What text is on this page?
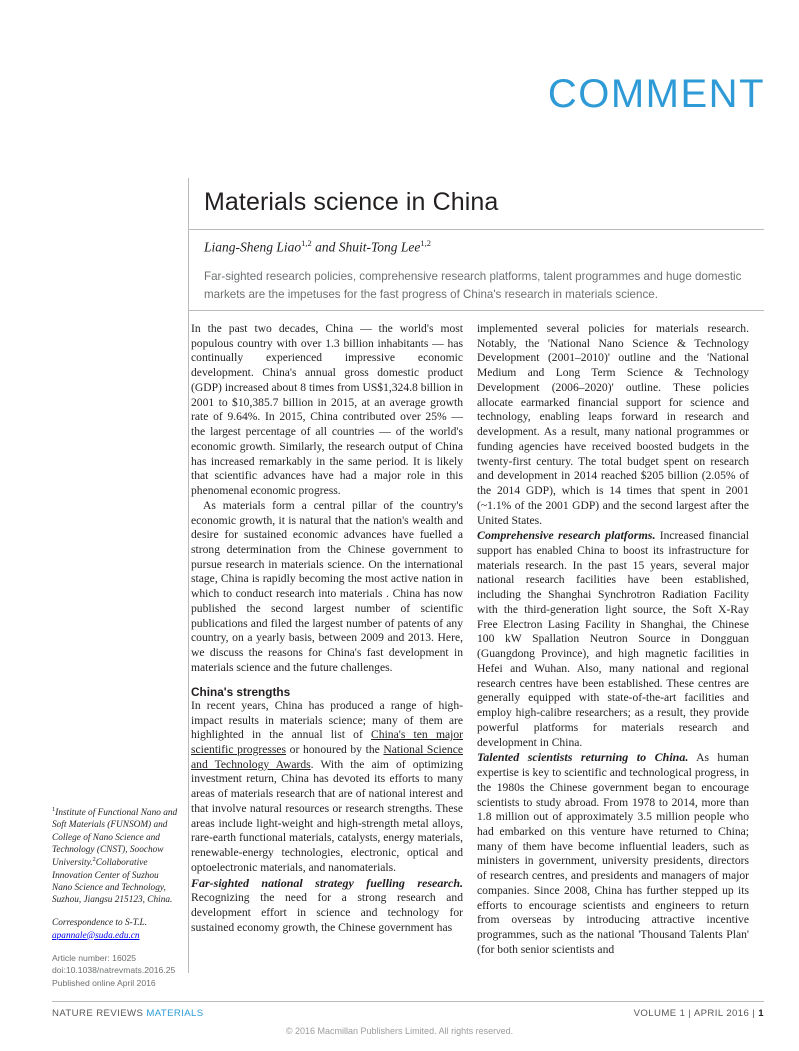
COMMENT
Materials science in China
Liang-Sheng Liao$^{1,2}$ and Shuit-Tong Lee$^{1,2}$
Far-sighted research policies, comprehensive research platforms, talent programmes and huge domestic markets are the impetuses for the fast progress of China's research in materials science.

In the past two decades, China — the world's most populous country with over 1.3 billion inhabitants — has continually experienced impressive economic development. China's annual gross domestic product (GDP) increased about 8 times from US$1,324.8 billion in 2001 to $10,385.7 billion in 2015, at an average growth rate of 9.64%. In 2015, China contributed over 25% — the largest percentage of all countries — of the world's economic growth. Similarly, the research output of China has increased remarkably in the same period. It is likely that scientific advances have had a major role in this phenomenal economic progress.

As materials form a central pillar of the country's economic growth, it is natural that the nation's wealth and desire for sustained economic advances have fuelled a strong determination from the Chinese government to pursue research in materials science. On the international stage, China is rapidly becoming the most active nation in which to conduct research into materials . China has now published the second largest number of scientific publications and filed the largest number of patents of any country, on a yearly basis, between 2009 and 2013. Here, we discuss the reasons for China's fast development in materials science and the future challenges.

China's strengths

In recent years, China has produced a range of high-impact results in materials science; many of them are highlighted in the annual list of China's ten major scientific progresses or honoured by the National Science and Technology Awards. With the aim of optimizing investment return, China has devoted its efforts to many areas of materials research that are of national interest and that involve natural resources or research strengths. These areas include light-weight and high-strength metal alloys, rare-earth functional materials, catalysts, energy materials, renewable-energy technologies, electronic, optical and optoelectronic materials, and nanomaterials.

Far-sighted national strategy fuelling research. Recognizing the need for a strong research and development effort in science and technology for sustained economy growth, the Chinese government has

implemented several policies for materials research. Notably, the 'National Nano Science & Technology Development (2001–2010)' outline and the 'National Medium and Long Term Science & Technology Development (2006–2020)' outline. These policies allocate earmarked financial support for science and technology, enabling leaps forward in research and development. As a result, many national programmes or funding agencies have received boosted budgets in the twenty-first century. The total budget spent on research and development in 2014 reached $205 billion (2.05% of the 2014 GDP), which is 14 times that spent in 2001 (~1.1% of the 2001 GDP) and the second largest after the United States.

Comprehensive research platforms. Increased financial support has enabled China to boost its infrastructure for materials research. In the past 15 years, several major national research facilities have been established, including the Shanghai Synchrotron Radiation Facility with the third-generation light source, the Soft X-Ray Free Electron Lasing Facility in Shanghai, the Chinese 100 kW Spallation Neutron Source in Dongguan (Guangdong Province), and high magnetic facilities in Hefei and Wuhan. Also, many national and regional research centres have been established. These centres are generally equipped with state-of-the-art facilities and employ high-calibre researchers; as a result, they provide powerful platforms for materials research and development in China.

Talented scientists returning to China. As human expertise is key to scientific and technological progress, in the 1980s the Chinese government began to encourage scientists to study abroad. From 1978 to 2014, more than 1.8 million out of approximately 3.5 million people who had embarked on this venture have returned to China; many of them have become influential leaders, such as ministers in government, university presidents, directors of research centres, and presidents and managers of major companies. Since 2008, China has further stepped up its efforts to encourage scientists and engineers to return from overseas by introducing attractive incentive programmes, such as the national 'Thousand Talents Plan' (for both senior scientists and

$^1$Institute of Functional Nano and Soft Materials (FUNSOM) and College of Nano Science and Technology (CNST), Soochow University.$^2$Collaborative Innovation Center of Suzhou Nano Science and Technology, Suzhou, Jiangsu 215123, China.
Correspondence to S-T.L.
apannale@suda.edu.cn
Article number: 16025
doi:10.1038/natrevmats.2016.25
Published online April 2016
NATURE REVIEWS MATERIALS	VOLUME 1 | APRIL 2016 | 1
© 2016 Macmillan Publishers Limited. All rights reserved.
